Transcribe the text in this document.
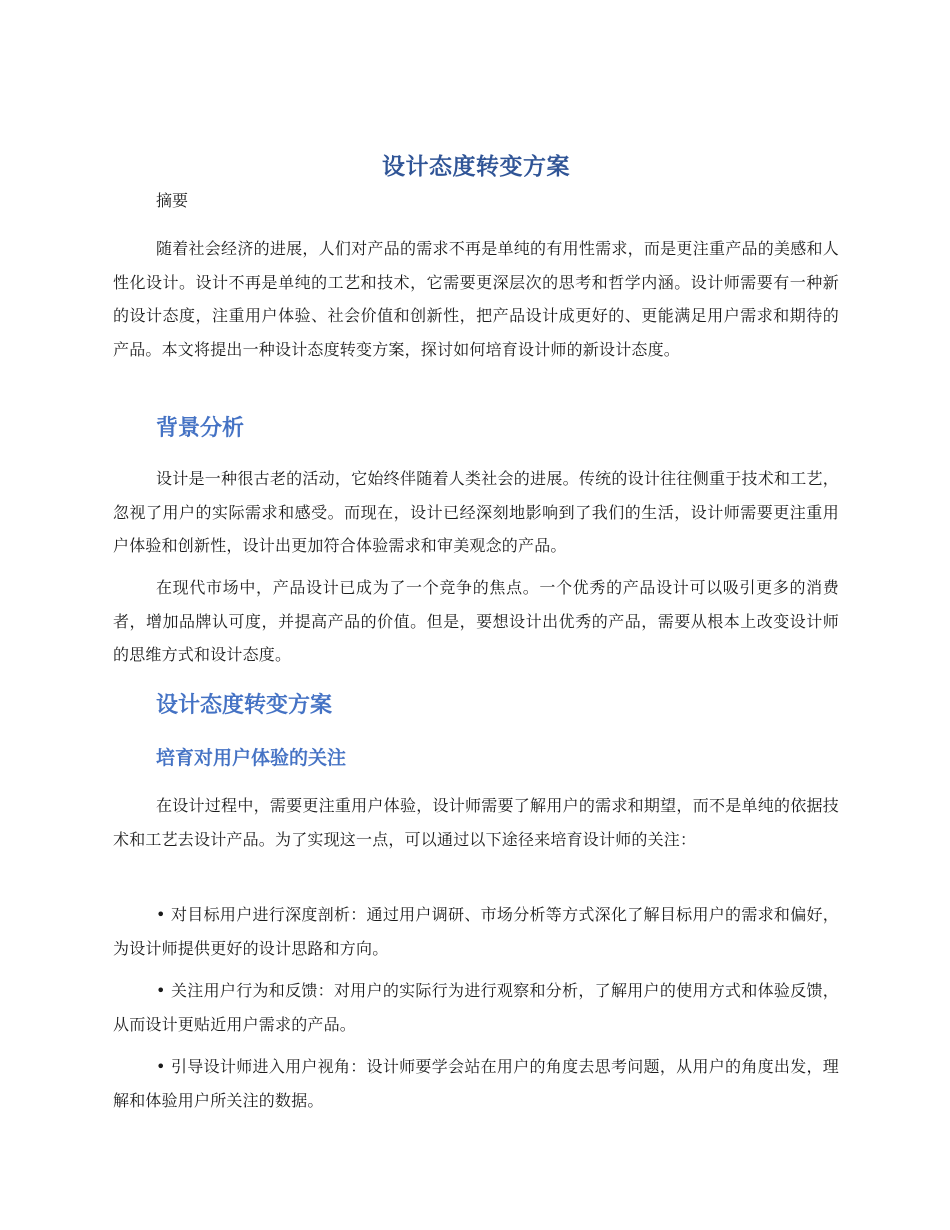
设计态度转变方案

摘要

随着社会经济的进展，人们对产品的需求不再是单纯的有用性需求，而是更注重产品的美感和人性化设计。设计不再是单纯的工艺和技术，它需要更深层次的思考和哲学内涵。设计师需要有一种新的设计态度，注重用户体验、社会价值和创新性，把产品设计成更好的、更能满足用户需求和期待的产品。本文将提出一种设计态度转变方案，探讨如何培育设计师的新设计态度。

背景分析

设计是一种很古老的活动，它始终伴随着人类社会的进展。传统的设计往往侧重于技术和工艺，忽视了用户的实际需求和感受。而现在，设计已经深刻地影响到了我们的生活，设计师需要更注重用户体验和创新性，设计出更加符合体验需求和审美观念的产品。

在现代市场中，产品设计已成为了一个竞争的焦点。一个优秀的产品设计可以吸引更多的消费者，增加品牌认可度，并提高产品的价值。但是，要想设计出优秀的产品，需要从根本上改变设计师的思维方式和设计态度。

设计态度转变方案
培育对用户体验的关注

在设计过程中，需要更注重用户体验，设计师需要了解用户的需求和期望，而不是单纯的依据技术和工艺去设计产品。为了实现这一点，可以通过以下途径来培育设计师的关注：

• 对目标用户进行深度剖析：通过用户调研、市场分析等方式深化了解目标用户的需求和偏好，为设计师提供更好的设计思路和方向。

• 关注用户行为和反馈：对用户的实际行为进行观察和分析，了解用户的使用方式和体验反馈，从而设计更贴近用户需求的产品。

• 引导设计师进入用户视角：设计师要学会站在用户的角度去思考问题，从用户的角度出发，理解和体验用户所关注的数据。
